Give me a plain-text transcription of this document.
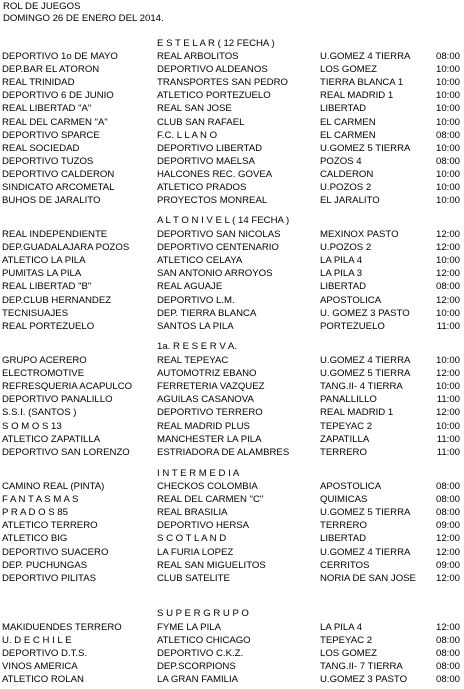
ROL DE JUEGOS
DOMINGO 26 DE ENERO DEL 2014.
E S T E L A R ( 12 FECHA )
DEPORTIVO 1o DE MAYO	REAL ARBOLITOS	U.GOMEZ 4 TIERRA	08:00
DEP.BAR EL ATORON	DEPORTIVO ALDEANOS	LOS GOMEZ	10:00
REAL TRINIDAD	TRANSPORTES SAN PEDRO	TIERRA BLANCA 1	10:00
DEPORTIVO 6 DE JUNIO	ATLETICO PORTEZUELO	REAL MADRID 1	10:00
REAL LIBERTAD "A"	REAL SAN JOSE	LIBERTAD	10:00
REAL DEL CARMEN "A"	CLUB SAN RAFAEL	EL CARMEN	10:00
DEPORTIVO SPARCE	F.C. L L A N O	EL CARMEN	08:00
REAL SOCIEDAD	DEPORTIVO LIBERTAD	U.GOMEZ 5 TIERRA	10:00
DEPORTIVO TUZOS	DEPORTIVO MAELSA	POZOS 4	08:00
DEPORTIVO CALDERON	HALCONES REC. GOVEA	CALDERON	10:00
SINDICATO ARCOMETAL	ATLETICO PRADOS	U.POZOS 2	10:00
BUHOS DE JARALITO	PROYECTOS MONREAL	EL JARALITO	10:00
A L T O N I V E L ( 14 FECHA )
REAL INDEPENDIENTE	DEPORTIVO SAN NICOLAS	MEXINOX PASTO	12:00
DEP.GUADALAJARA POZOS	DEPORTIVO CENTENARIO	U.POZOS 2	12:00
ATLETICO LA PILA	ATLETICO CELAYA	LA PILA 4	10:00
PUMITAS LA PILA	SAN ANTONIO ARROYOS	LA PILA 3	12:00
REAL LIBERTAD "B"	REAL AGUAJE	LIBERTAD	08:00
DEP.CLUB HERNANDEZ	DEPORTIVO L.M.	APOSTOLICA	12:00
TECNISUAJES	DEP. TIERRA BLANCA	U. GOMEZ 3 PASTO	10:00
REAL PORTEZUELO	SANTOS LA PILA	PORTEZUELO	11:00
1a. R E S E R V A.
GRUPO ACERERO	REAL TEPEYAC	U.GOMEZ 4 TIERRA	10:00
ELECTROMOTIVE	AUTOMOTRIZ EBANO	U.GOMEZ 5 TIERRA	12:00
REFRESQUERIA ACAPULCO	FERRETERIA VAZQUEZ	TANG.II- 4 TIERRA	10:00
DEPORTIVO PANALILLO	AGUILAS CASANOVA	PANALLILLO	11:00
S.S.I. (SANTOS )	DEPORTIVO TERRERO	REAL MADRID 1	12:00
S O M O S 13	REAL MADRID PLUS	TEPEYAC 2	10:00
ATLETICO ZAPATILLA	MANCHESTER LA PILA	ZAPATILLA	11:00
DEPORTIVO SAN LORENZO	ESTRIADORA DE ALAMBRES	TERRERO	11:00
I N T E R M E D I A
CAMINO REAL (PINTA)	CHECKOS COLOMBIA	APOSTOLICA	08:00
F A N T A S M A S	REAL DEL CARMEN "C"	QUIMICAS	08:00
P R A D O S 85	REAL BRASILIA	U.GOMEZ 5 TIERRA	08:00
ATLETICO TERRERO	DEPORTIVO HERSA	TERRERO	09:00
ATLETICO BIG	S C O T L A N D	LIBERTAD	12:00
DEPORTIVO SUACERO	LA FURIA LOPEZ	U.GOMEZ 4 TIERRA	12:00
DEP. PUCHUNGAS	REAL SAN MIGUELITOS	CERRITOS	09:00
DEPORTIVO PILITAS	CLUB SATELITE	NORIA DE SAN JOSE 12:00
S U P E R G R U P O
MAKIDUENDES TERRERO	FYME LA PILA	LA PILA 4	12:00
U. D E C H I L E	ATLETICO CHICAGO	TEPEYAC 2	08:00
DEPORTIVO D.T.S.	DEPORTIVO C.K.Z.	LOS GOMEZ	08:00
VINOS AMERICA	DEP.SCORPIONS	TANG.II- 7 TIERRA	08:00
ATLETICO ROLAN	LA GRAN FAMILIA	U.GOMEZ 3 PASTO	08:00
